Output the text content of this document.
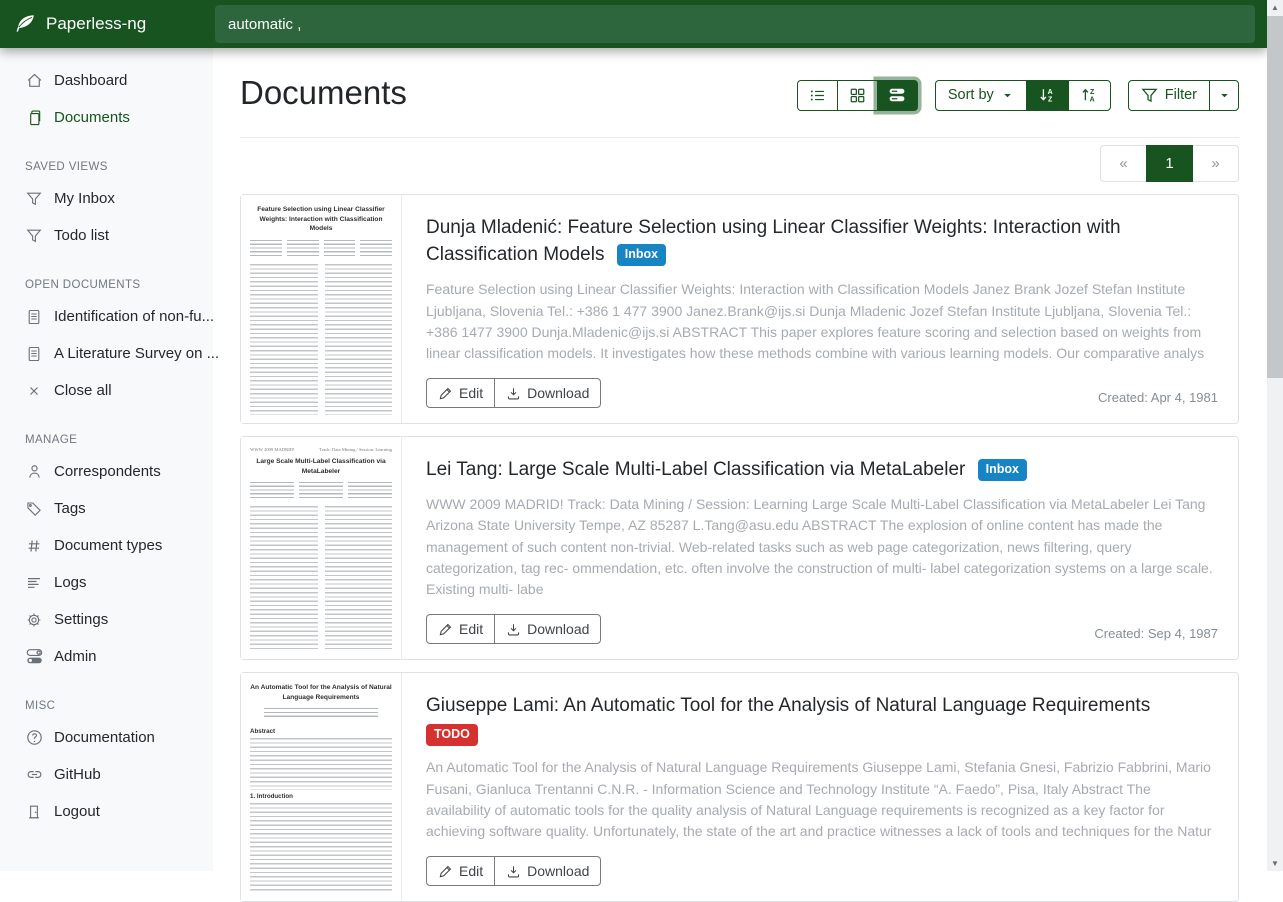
Paperless-ng
automatic ,
Dashboard
Documents
SAVED VIEWS
My Inbox
Todo list
OPEN DOCUMENTS
Identification of non-fu...
A Literature Survey on ...
Close all
MANAGE
Correspondents
Tags
Document types
Logs
Settings
Admin
MISC
Documentation
GitHub
Logout
Documents	Sort by	A
Z
Z
A	Filter
«	1	»
Feature Selection using Linear Classifier Weights: Interaction with Classification Models	Dunja Mladenić: Feature Selection using Linear Classifier Weights: Interaction with Classification Models Inbox

Feature Selection using Linear Classifier Weights: Interaction with Classification Models Janez Brank Jozef Stefan Institute Ljubljana, Slovenia Tel.: +386 1 477 3900 Janez.Brank@ijs.si Dunja Mladenic Jozef Stefan Institute Ljubljana, Slovenia Tel.: +386 1477 3900 Dunja.Mladenic@ijs.si ABSTRACT This paper explores feature scoring and selection based on weights from linear classification models. It investigates how these methods combine with various learning models. Our comparative analys

Edit	Download	Created: Apr 4, 1981
WWW 2009 MADRID!	Track: Data Mining / Session: Learning
Large Scale Multi-Label Classification via MetaLabeler	Lei Tang: Large Scale Multi-Label Classification via MetaLabeler Inbox

WWW 2009 MADRID! Track: Data Mining / Session: Learning Large Scale Multi-Label Classification via MetaLabeler Lei Tang Arizona State University Tempe, AZ 85287 L.Tang@asu.edu ABSTRACT The explosion of online content has made the management of such content non-trivial. Web-related tasks such as web page categorization, news filtering, query categorization, tag rec- ommendation, etc. often involve the construction of multi- label categorization systems on a large scale. Existing multi- labe

Edit	Download	Created: Sep 4, 1987
An Automatic Tool for the Analysis of Natural Language Requirements
Abstract
1. Introduction
Giuseppe Lami: An Automatic Tool for the Analysis of Natural Language Requirements
TODO

An Automatic Tool for the Analysis of Natural Language Requirements Giuseppe Lami, Stefania Gnesi, Fabrizio Fabbrini, Mario Fusani, Gianluca Trentanni C.N.R. - Information Science and Technology Institute “A. Faedo”, Pisa, Italy Abstract The availability of automatic tools for the quality analysis of Natural Language requirements is recognized as a key factor for achieving software quality. Unfortunately, the state of the art and practice witnesses a lack of tools and techniques for the Natur

Edit	Download
▲
▼
